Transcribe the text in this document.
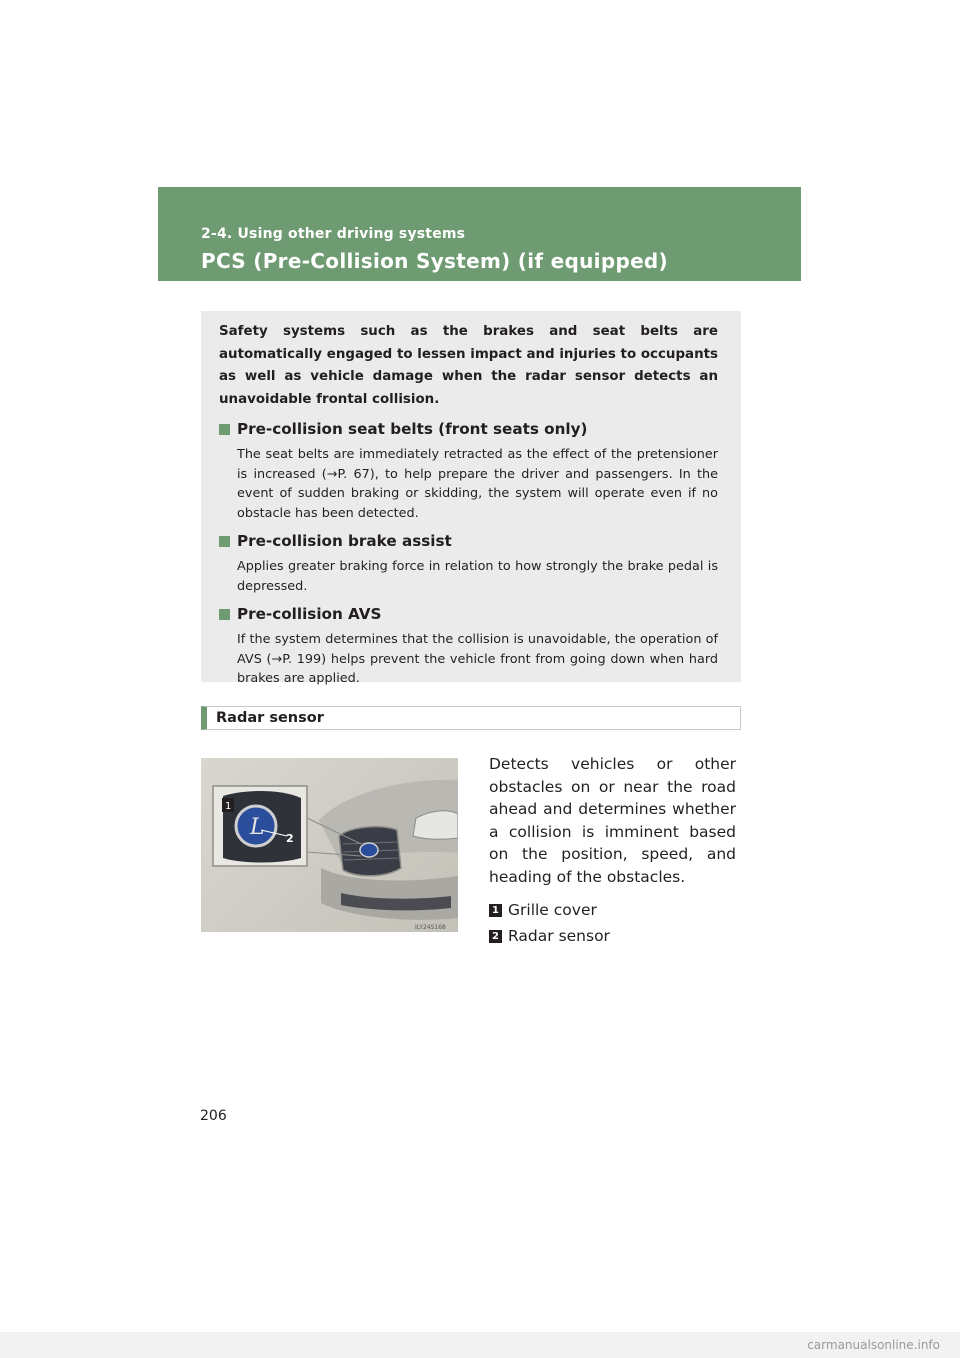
2-4. Using other driving systems
PCS (Pre-Collision System) (if equipped)

Safety systems such as the brakes and seat belts are automatically engaged to lessen impact and injuries to occupants as well as vehicle damage when the radar sensor detects an unavoidable frontal collision.

Pre-collision seat belts (front seats only)

The seat belts are immediately retracted as the effect of the pretensioner is increased (→P. 67), to help prepare the driver and passengers. In the event of sudden braking or skidding, the system will operate even if no obstacle has been detected.

Pre-collision brake assist

Applies greater braking force in relation to how strongly the brake pedal is depressed.

Pre-collision AVS

If the system determines that the collision is unavoidable, the operation of AVS (→P. 199) helps prevent the vehicle front from going down when hard brakes are applied.

Radar sensor
L
1
2
ILY24S168

Detects vehicles or other obstacles on or near the road ahead and determines whether a collision is imminent based on the position, speed, and heading of the obstacles.

1 Grille cover
2 Radar sensor
206
carmanualsonline.info
